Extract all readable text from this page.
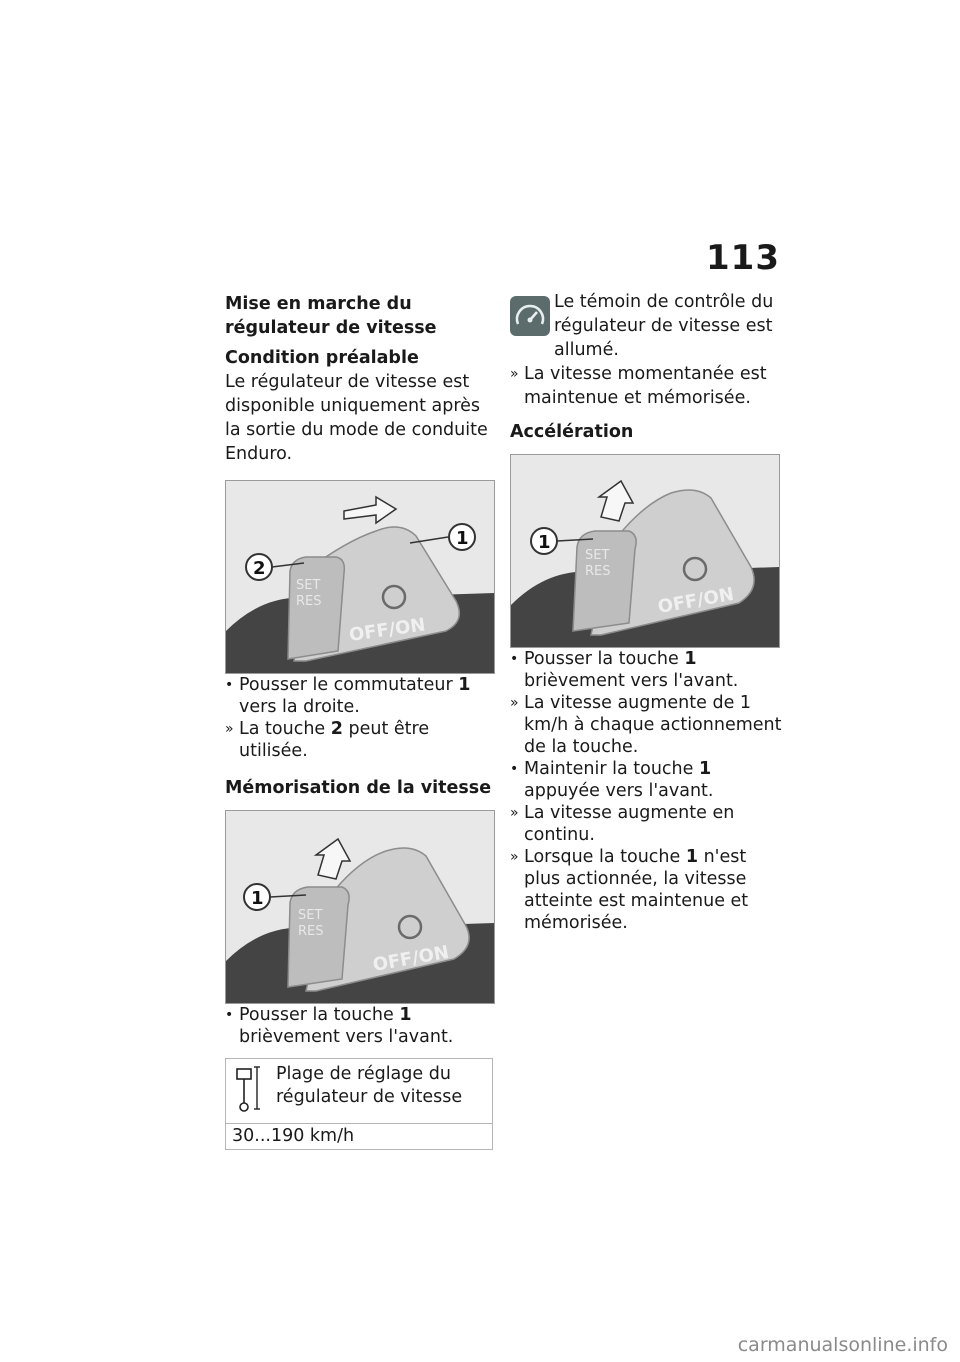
113
Mise en marche du régulateur de vitesse
Condition préalable

Le régulateur de vitesse est disponible uniquement après la sortie du mode de conduite Enduro.

SET
RES
OFF/ON
1
2
• Pousser le commutateur 1 vers la droite.
» La touche 2 peut être utilisée.
Mémorisation de la vitesse
SET
RES
OFF/ON
1
• Pousser la touche 1 brièvement vers l'avant.
Plage de réglage du régulateur de vitesse
30...190 km/h

Le témoin de contrôle du régulateur de vitesse est allumé.

» La vitesse momentanée est maintenue et mémorisée.
Accélération
SET
RES
OFF/ON
1
• Pousser la touche 1 brièvement vers l'avant.
» La vitesse augmente de 1 km/h à chaque actionnement de la touche.
• Maintenir la touche 1 appuyée vers l'avant.
» La vitesse augmente en continu.
» Lorsque la touche 1 n'est plus actionnée, la vitesse atteinte est maintenue et mémorisée.
carmanualsonline.info
